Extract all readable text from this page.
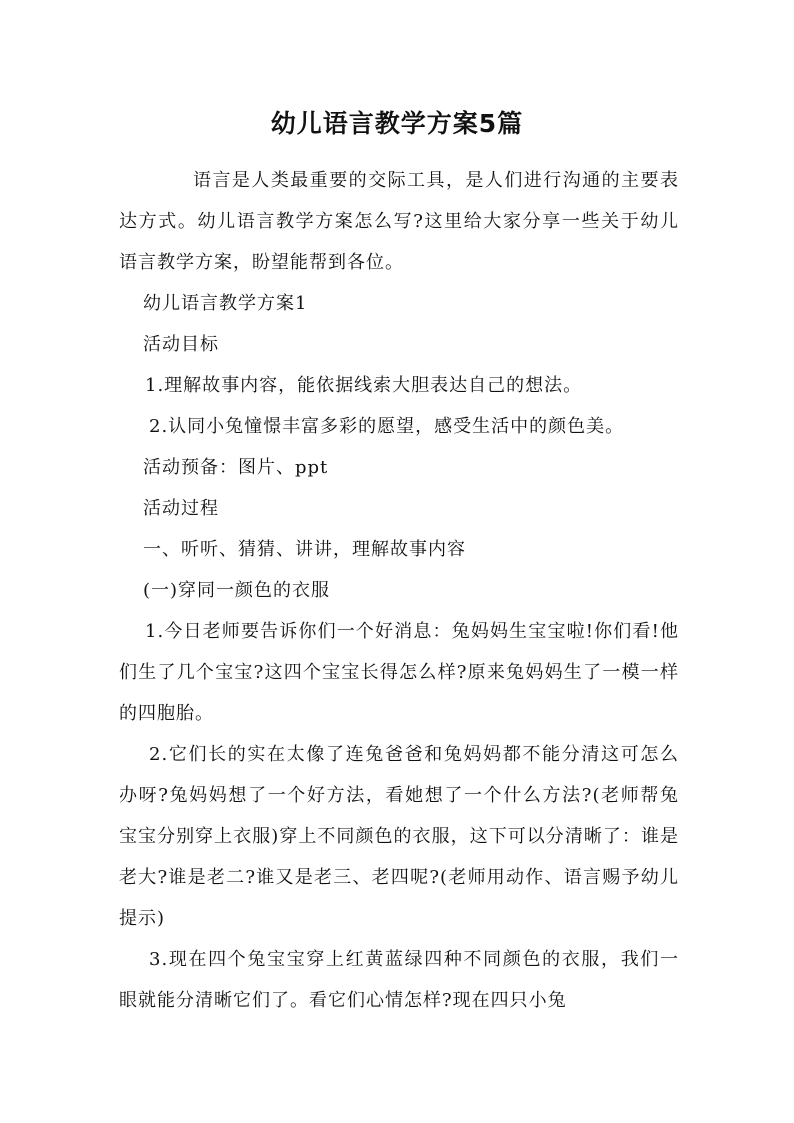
幼儿语言教学方案5篇

语言是人类最重要的交际工具，是人们进行沟通的主要表达方式。幼儿语言教学方案怎么写?这里给大家分享一些关于幼儿语言教学方案，盼望能帮到各位。

幼儿语言教学方案1

活动目标

1.理解故事内容，能依据线索大胆表达自己的想法。

2.认同小兔憧憬丰富多彩的愿望，感受生活中的颜色美。

活动预备：图片、ppt

活动过程

一、听听、猜猜、讲讲，理解故事内容

(一)穿同一颜色的衣服

1.今日老师要告诉你们一个好消息：兔妈妈生宝宝啦!你们看!他们生了几个宝宝?这四个宝宝长得怎么样?原来兔妈妈生了一模一样的四胞胎。

2.它们长的实在太像了连兔爸爸和兔妈妈都不能分清这可怎么办呀?兔妈妈想了一个好方法，看她想了一个什么方法?(老师帮兔宝宝分别穿上衣服)穿上不同颜色的衣服，这下可以分清晰了：谁是老大?谁是老二?谁又是老三、老四呢?(老师用动作、语言赐予幼儿提示)

3.现在四个兔宝宝穿上红黄蓝绿四种不同颜色的衣服，我们一眼就能分清晰它们了。看它们心情怎样?现在四只小兔
